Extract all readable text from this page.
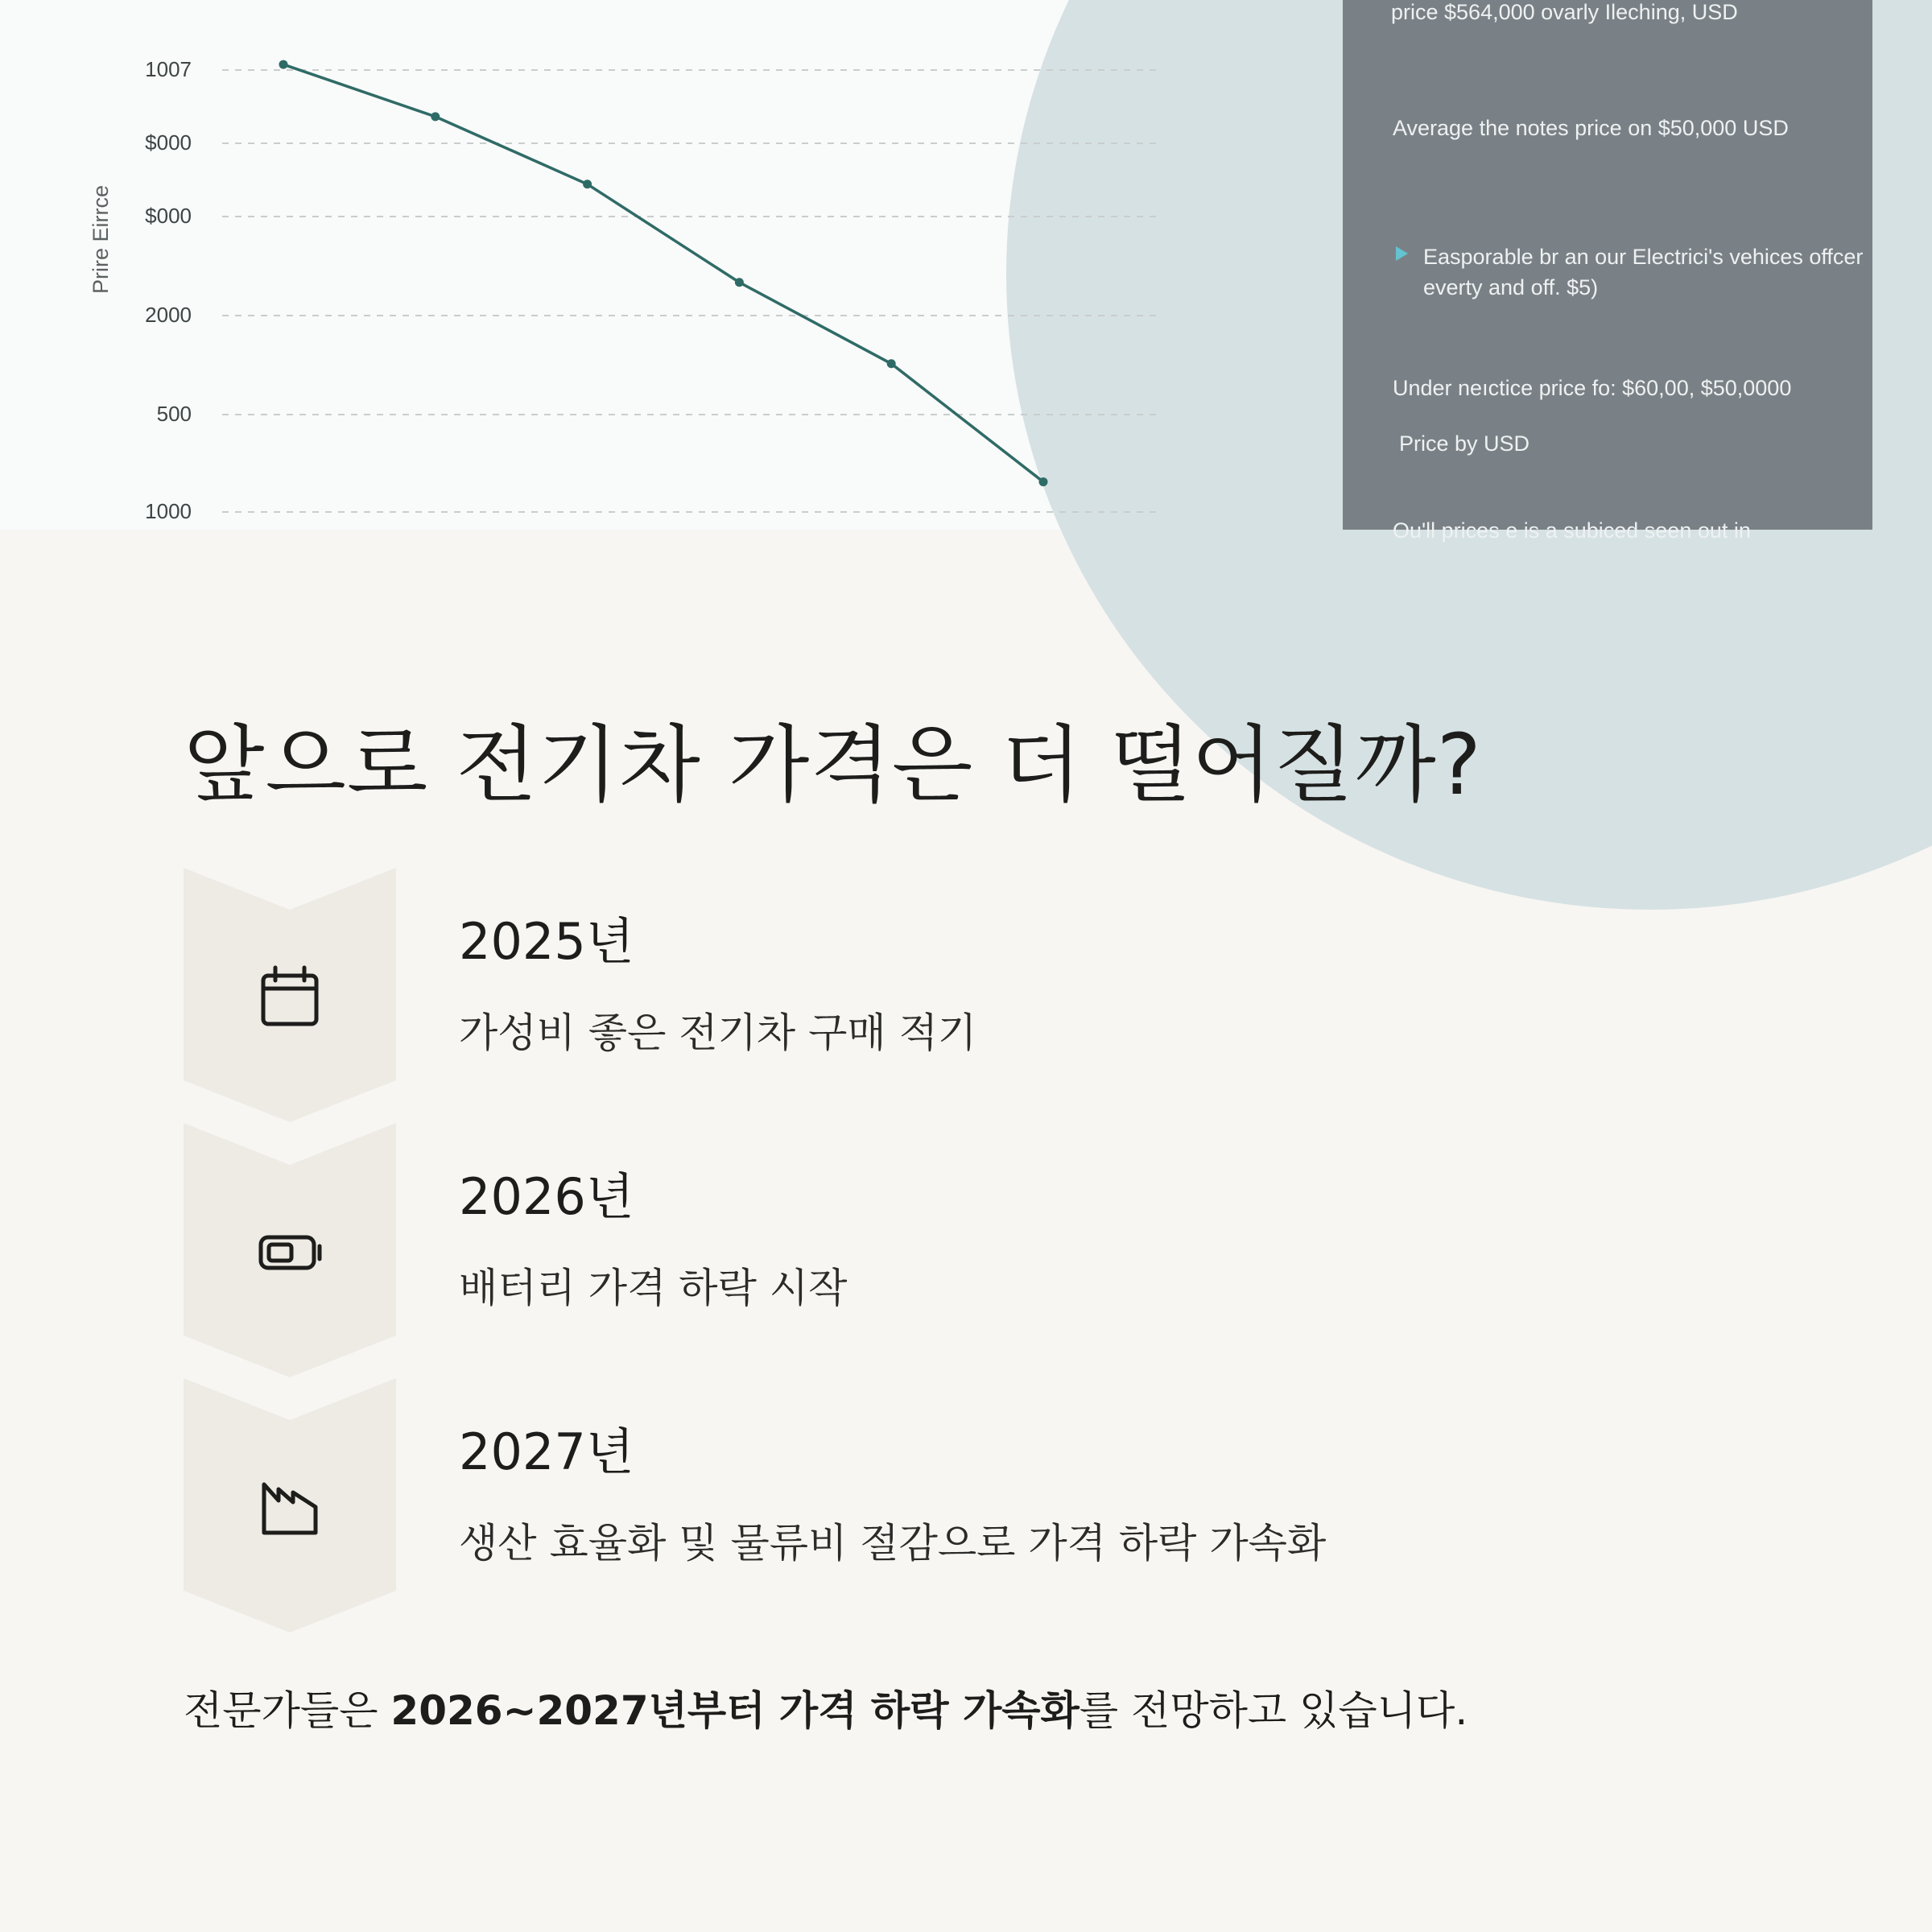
Prire Eirrce
1007
$000
$000
2000
500
1000
price $564,000 ovarly Ileching, USD
Average the notes price on $50,000 USD
Easporable br an our Electrici's vehices offcer everty and off. $5)
Under neıctice price fo: $60,00, $50,0000
Price by USD
Ou'll prices e is a subiced seen out in
앞으로 전기차 가격은 더 떨어질까?
2025년
가성비 좋은 전기차 구매 적기
2026년
배터리 가격 하락 시작
2027년
생산 효율화 및 물류비 절감으로 가격 하락 가속화
전문가들은 2026~2027년부터 가격 하락 가속화를 전망하고 있습니다.
